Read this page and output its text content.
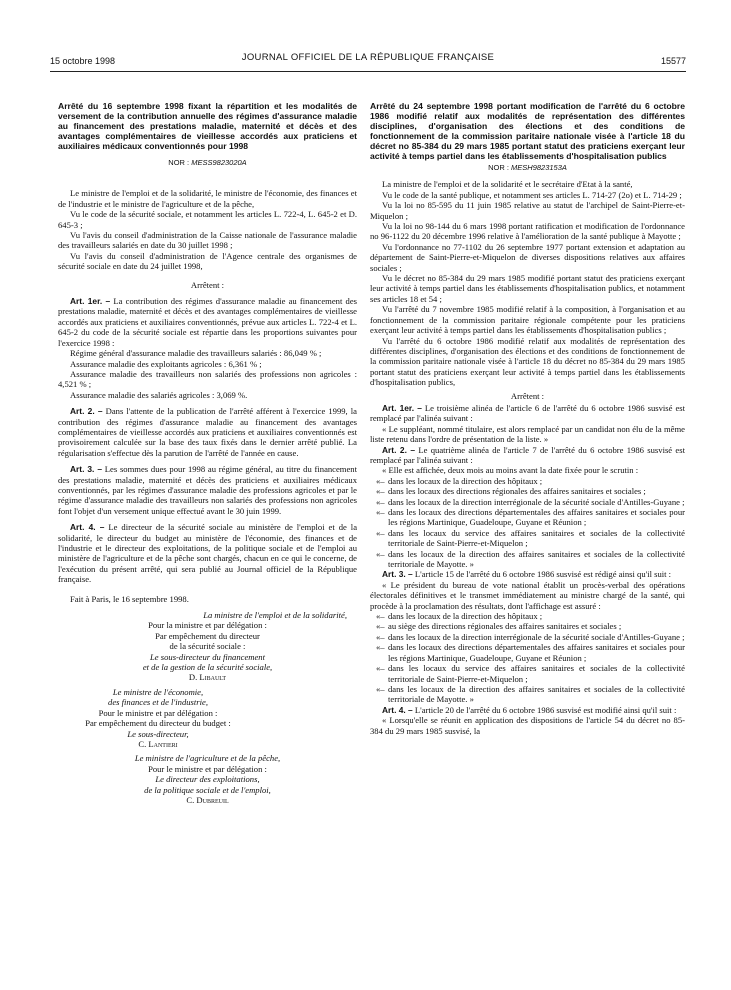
15 octobre 1998	JOURNAL OFFICIEL DE LA RÉPUBLIQUE FRANÇAISE	15577
Arrêté du 16 septembre 1998 fixant la répartition et les modalités de versement de la contribution annuelle des régimes d'assurance maladie au financement des prestations maladie, maternité et décès et des avantages complémentaires de vieillesse accordés aux praticiens et auxiliaires médicaux conventionnés pour 1998
NOR : MESS9823020A

Le ministre de l'emploi et de la solidarité, le ministre de l'économie, des finances et de l'industrie et le ministre de l'agriculture et de la pêche,

Vu le code de la sécurité sociale, et notamment les articles L. 722-4, L. 645-2 et D. 645-3 ;

Vu l'avis du conseil d'administration de la Caisse nationale de l'assurance maladie des travailleurs salariés en date du 30 juillet 1998 ;

Vu l'avis du conseil d'administration de l'Agence centrale des organismes de sécurité sociale en date du 24 juillet 1998,

Arrêtent :

Art. 1er. – La contribution des régimes d'assurance maladie au financement des prestations maladie, maternité et décès et des avantages complémentaires de vieillesse accordés aux praticiens et auxiliaires conventionnés, prévue aux articles L. 722-4 et L. 645-2 du code de la sécurité sociale est répartie dans les proportions suivantes pour l'exercice 1998 :

Régime général d'assurance maladie des travailleurs salariés : 86,049 % ;

Assurance maladie des exploitants agricoles : 6,361 % ;

Assurance maladie des travailleurs non salariés des professions non agricoles : 4,521 % ;

Assurance maladie des salariés agricoles : 3,069 %.

Art. 2. – Dans l'attente de la publication de l'arrêté afférent à l'exercice 1999, la contribution des régimes d'assurance maladie au financement des avantages complémentaires de vieillesse accordés aux praticiens et auxiliaires conventionnés est provisoirement calculée sur la base des taux fixés dans le dernier arrêté publié. La régularisation s'effectue dès la parution de l'arrêté de l'année en cause.

Art. 3. – Les sommes dues pour 1998 au régime général, au titre du financement des prestations maladie, maternité et décès des praticiens et auxiliaires médicaux conventionnés, par les régimes d'assurance maladie des professions agricoles et par le régime d'assurance maladie des travailleurs non salariés des professions non agricoles font l'objet d'un versement unique effectué avant le 30 juin 1999.

Art. 4. – Le directeur de la sécurité sociale au ministère de l'emploi et de la solidarité, le directeur du budget au ministère de l'économie, des finances et de l'industrie et le directeur des exploitations, de la politique sociale et de l'emploi au ministère de l'agriculture et de la pêche sont chargés, chacun en ce qui le concerne, de l'exécution du présent arrêté, qui sera publié au Journal officiel de la République française.

Fait à Paris, le 16 septembre 1998.

La ministre de l'emploi et de la solidarité,

Pour la ministre et par délégation :

Par empêchement du directeur

de la sécurité sociale :

Le sous-directeur du financement

et de la gestion de la sécurité sociale,

D. Libault

Le ministre de l'économie,

des finances et de l'industrie,

Pour le ministre et par délégation :

Par empêchement du directeur du budget :

Le sous-directeur,

C. Lantieri

Le ministre de l'agriculture et de la pêche,

Pour le ministre et par délégation :

Le directeur des exploitations,

de la politique sociale et de l'emploi,

C. Dubreuil

Arrêté du 24 septembre 1998 portant modification de l'arrêté du 6 octobre 1986 modifié relatif aux modalités de représentation des différentes disciplines, d'organisation des élections et des conditions de fonctionnement de la commission paritaire nationale visée à l'article 18 du décret no 85-384 du 29 mars 1985 portant statut des praticiens exerçant leur activité à temps partiel dans les établissements d'hospitalisation publics
NOR : MESH9823153A

La ministre de l'emploi et de la solidarité et le secrétaire d'Etat à la santé,

Vu le code de la santé publique, et notamment ses articles L. 714-27 (2o) et L. 714-29 ;

Vu la loi no 85-595 du 11 juin 1985 relative au statut de l'archipel de Saint-Pierre-et-Miquelon ;

Vu la loi no 98-144 du 6 mars 1998 portant ratification et modification de l'ordonnance no 96-1122 du 20 décembre 1996 relative à l'amélioration de la santé publique à Mayotte ;

Vu l'ordonnance no 77-1102 du 26 septembre 1977 portant extension et adaptation au département de Saint-Pierre-et-Miquelon de diverses dispositions relatives aux affaires sociales ;

Vu le décret no 85-384 du 29 mars 1985 modifié portant statut des praticiens exerçant leur activité à temps partiel dans les établissements d'hospitalisation publics, et notamment ses articles 18 et 54 ;

Vu l'arrêté du 7 novembre 1985 modifié relatif à la composition, à l'organisation et au fonctionnement de la commission paritaire régionale compétente pour les praticiens exerçant leur activité à temps partiel dans les établissements d'hospitalisation publics ;

Vu l'arrêté du 6 octobre 1986 modifié relatif aux modalités de représentation des différentes disciplines, d'organisation des élections et des conditions de fonctionnement de la commission paritaire nationale visée à l'article 18 du décret no 85-384 du 29 mars 1985 portant statut des praticiens exerçant leur activité à temps partiel dans les établissements d'hospitalisation publics,

Arrêtent :

Art. 1er. – Le troisième alinéa de l'article 6 de l'arrêté du 6 octobre 1986 susvisé est remplacé par l'alinéa suivant :

« Le suppléant, nommé titulaire, est alors remplacé par un candidat non élu de la même liste retenu dans l'ordre de présentation de la liste. »

Art. 2. – Le quatrième alinéa de l'article 7 de l'arrêté du 6 octobre 1986 susvisé est remplacé par l'alinéa suivant :

« Elle est affichée, deux mois au moins avant la date fixée pour le scrutin :

«– dans les locaux de la direction des hôpitaux ;

«– dans les locaux des directions régionales des affaires sanitaires et sociales ;

«– dans les locaux de la direction interrégionale de la sécurité sociale d'Antilles-Guyane ;

«– dans les locaux des directions départementales des affaires sanitaires et sociales pour les régions Martinique, Guadeloupe, Guyane et Réunion ;

«– dans les locaux du service des affaires sanitaires et sociales de la collectivité territoriale de Saint-Pierre-et-Miquelon ;

«– dans les locaux de la direction des affaires sanitaires et sociales de la collectivité territoriale de Mayotte. »

Art. 3. – L'article 15 de l'arrêté du 6 octobre 1986 susvisé est rédigé ainsi qu'il suit :

« Le président du bureau de vote national établit un procès-verbal des opérations électorales définitives et le transmet immédiatement au ministre chargé de la santé, qui procède à la proclamation des résultats, dont l'affichage est assuré :

«– dans les locaux de la direction des hôpitaux ;

«– au siège des directions régionales des affaires sanitaires et sociales ;

«– dans les locaux de la direction interrégionale de la sécurité sociale d'Antilles-Guyane ;

«– dans les locaux des directions départementales des affaires sanitaires et sociales pour les régions Martinique, Guadeloupe, Guyane et Réunion ;

«– dans les locaux du service des affaires sanitaires et sociales de la collectivité territoriale de Saint-Pierre-et-Miquelon ;

«– dans les locaux de la direction des affaires sanitaires et sociales de la collectivité territoriale de Mayotte. »

Art. 4. – L'article 20 de l'arrêté du 6 octobre 1986 susvisé est modifié ainsi qu'il suit :

« Lorsqu'elle se réunit en application des dispositions de l'article 54 du décret no 85-384 du 29 mars 1985 susvisé, la
